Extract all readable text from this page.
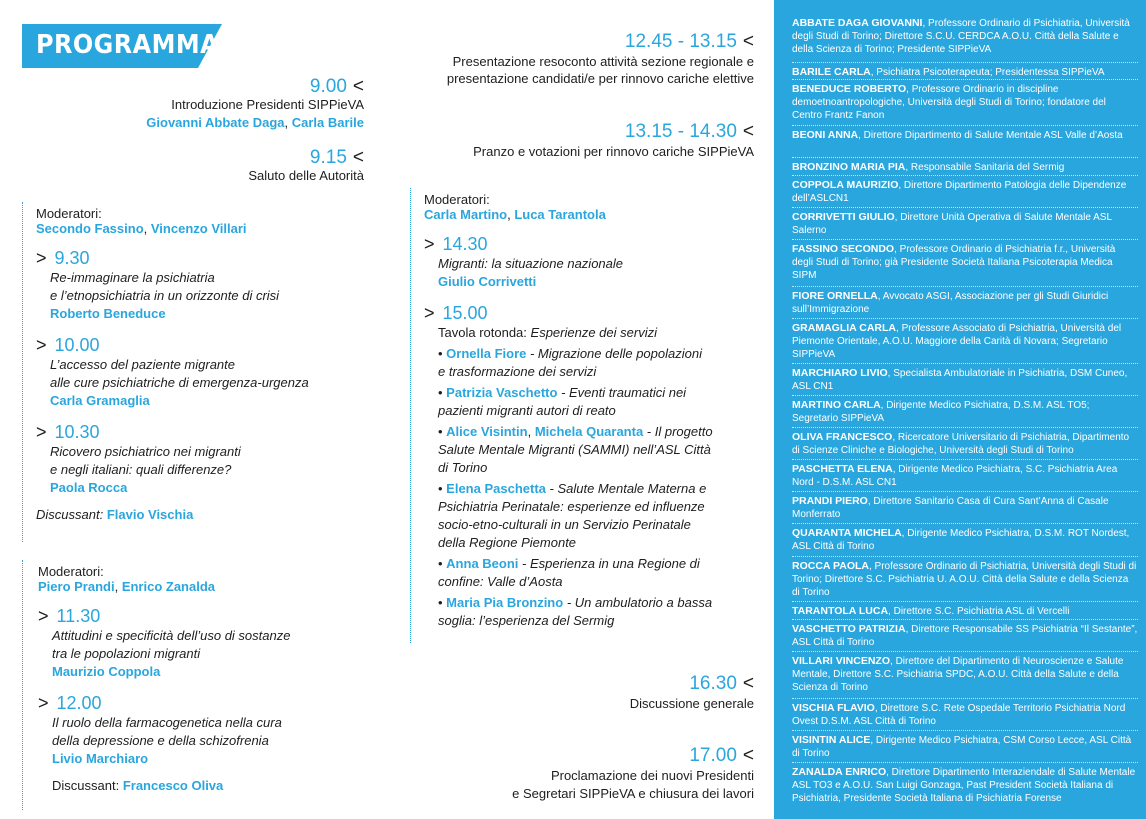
PROGRAMMA
9.00 <
Introduzione Presidenti SIPPieVA
Giovanni Abbate Daga, Carla Barile
9.15 <
Saluto delle Autorità
Moderatori:
Secondo Fassino, Vincenzo Villari
> 9.30
Re-immaginare la psichiatria
e l’etnopsichiatria in un orizzonte di crisi
Roberto Beneduce
> 10.00
L’accesso del paziente migrante
alle cure psichiatriche di emergenza-urgenza
Carla Gramaglia
> 10.30
Ricovero psichiatrico nei migranti
e negli italiani: quali differenze?
Paola Rocca
Discussant: Flavio Vischia
Moderatori:
Piero Prandi, Enrico Zanalda
> 11.30
Attitudini e specificità dell’uso di sostanze
tra le popolazioni migranti
Maurizio Coppola
> 12.00
Il ruolo della farmacogenetica nella cura
della depressione e della schizofrenia
Livio Marchiaro
Discussant: Francesco Oliva
12.45 - 13.15 <
Presentazione resoconto attività sezione regionale e
presentazione candidati/e per rinnovo cariche elettive
13.15 - 14.30 <
Pranzo e votazioni per rinnovo cariche SIPPieVA
Moderatori:
Carla Martino, Luca Tarantola
> 14.30
Migranti: la situazione nazionale
Giulio Corrivetti
> 15.00
Tavola rotonda: Esperienze dei servizi
• Ornella Fiore - Migrazione delle popolazioni
e trasformazione dei servizi
• Patrizia Vaschetto - Eventi traumatici nei
pazienti migranti autori di reato
• Alice Visintin, Michela Quaranta - Il progetto
Salute Mentale Migranti (SAMMI) nell’ASL Città
di Torino
• Elena Paschetta - Salute Mentale Materna e
Psichiatria Perinatale: esperienze ed influenze
socio-etno-culturali in un Servizio Perinatale
della Regione Piemonte
• Anna Beoni - Esperienza in una Regione di
confine: Valle d’Aosta
• Maria Pia Bronzino - Un ambulatorio a bassa
soglia: l’esperienza del Sermig
16.30 <
Discussione generale
17.00 <
Proclamazione dei nuovi Presidenti
e Segretari SIPPieVA e chiusura dei lavori
ABBATE DAGA GIOVANNI, Professore Ordinario di Psichiatria, Università degli Studi di Torino; Direttore S.C.U. CERDCA A.O.U. Città della Salute e della Scienza di Torino; Presidente SIPPieVA
BARILE CARLA, Psichiatra Psicoterapeuta; Presidentessa SIPPieVA
BENEDUCE ROBERTO, Professore Ordinario in discipline demoetnoantropologiche, Università degli Studi di Torino; fondatore del Centro Frantz Fanon
BEONI ANNA, Direttore Dipartimento di Salute Mentale ASL Valle d’Aosta
BRONZINO MARIA PIA, Responsabile Sanitaria del Sermig
COPPOLA MAURIZIO, Direttore Dipartimento Patologia delle Dipendenze dell’ASLCN1
CORRIVETTI GIULIO, Direttore Unità Operativa di Salute Mentale ASL Salerno
FASSINO SECONDO, Professore Ordinario di Psichiatria f.r., Università degli Studi di Torino; già Presidente Società Italiana Psicoterapia Medica SIPM
FIORE ORNELLA, Avvocato ASGI, Associazione per gli Studi Giuridici sull’Immigrazione
GRAMAGLIA CARLA, Professore Associato di Psichiatria, Università del Piemonte Orientale, A.O.U. Maggiore della Carità di Novara; Segretario SIPPieVA
MARCHIARO LIVIO, Specialista Ambulatoriale in Psichiatria, DSM Cuneo, ASL CN1
MARTINO CARLA, Dirigente Medico Psichiatra, D.S.M. ASL TO5; Segretario SIPPieVA
OLIVA FRANCESCO, Ricercatore Universitario di Psichiatria, Dipartimento di Scienze Cliniche e Biologiche, Università degli Studi di Torino
PASCHETTA ELENA, Dirigente Medico Psichiatra, S.C. Psichiatria Area Nord - D.S.M. ASL CN1
PRANDI PIERO, Direttore Sanitario Casa di Cura Sant’Anna di Casale Monferrato
QUARANTA MICHELA, Dirigente Medico Psichiatra, D.S.M. ROT Nordest, ASL Città di Torino
ROCCA PAOLA, Professore Ordinario di Psichiatria, Università degli Studi di Torino; Direttore S.C. Psichiatria U. A.O.U. Città della Salute e della Scienza di Torino
TARANTOLA LUCA, Direttore S.C. Psichiatria ASL di Vercelli
VASCHETTO PATRIZIA, Direttore Responsabile SS Psichiatria “Il Sestante”, ASL Città di Torino
VILLARI VINCENZO, Direttore del Dipartimento di Neuroscienze e Salute Mentale, Direttore S.C. Psichiatria SPDC, A.O.U. Città della Salute e della Scienza di Torino
VISCHIA FLAVIO, Direttore S.C. Rete Ospedale Territorio Psichiatria Nord Ovest D.S.M. ASL Città di Torino
VISINTIN ALICE, Dirigente Medico Psichiatra, CSM Corso Lecce, ASL Città di Torino
ZANALDA ENRICO, Direttore Dipartimento Interaziendale di Salute Mentale ASL TO3 e A.O.U. San Luigi Gonzaga, Past President Società Italiana di Psichiatria, Presidente Società Italiana di Psichiatria Forense
